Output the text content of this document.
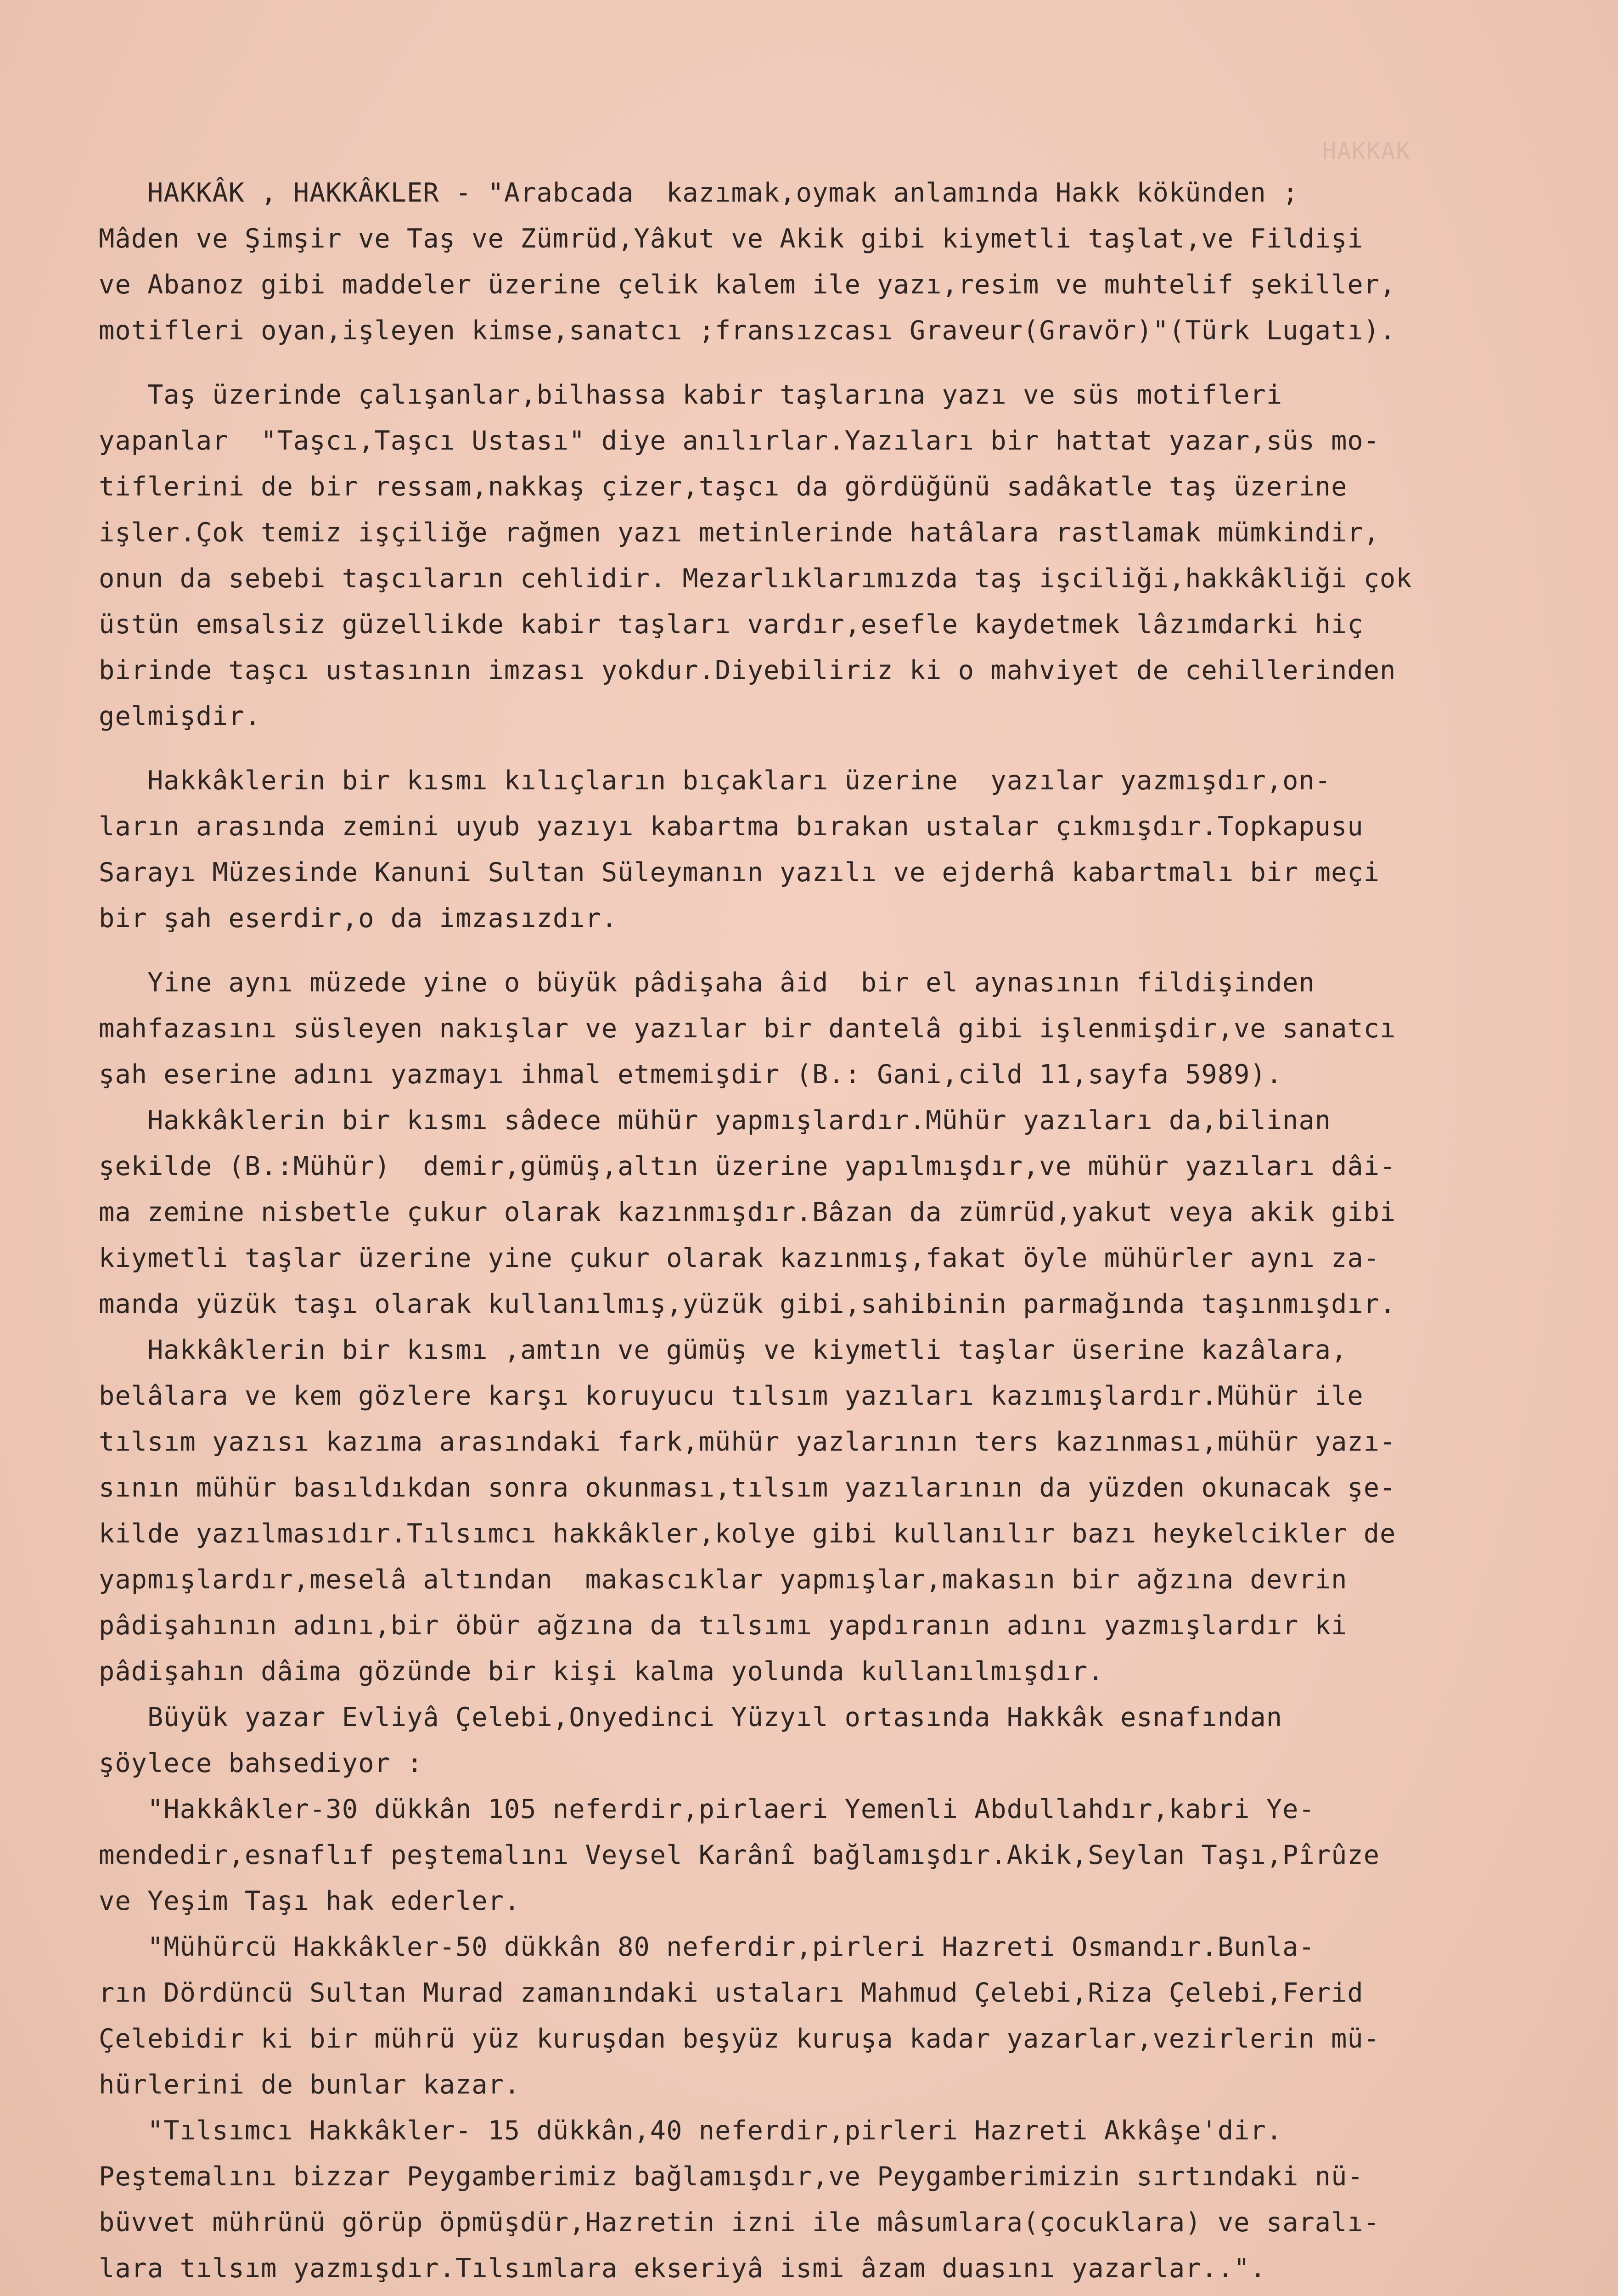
HAKKAK
HAKKÂK , HAKKÂKLER - "Arabcada  kazımak,oymak anlamında Hakk kökünden ;
Mâden ve Şimşir ve Taş ve Zümrüd,Yâkut ve Akik gibi kiymetli taşlat,ve Fildişi
ve Abanoz gibi maddeler üzerine çelik kalem ile yazı,resim ve muhtelif şekiller,
motifleri oyan,işleyen kimse,sanatcı ;fransızcası Graveur(Gravör)"(Türk Lugatı).
Taş üzerinde çalışanlar,bilhassa kabir taşlarına yazı ve süs motifleri
yapanlar  "Taşcı,Taşcı Ustası" diye anılırlar.Yazıları bir hattat yazar,süs mo-
tiflerini de bir ressam,nakkaş çizer,taşcı da gördüğünü sadâkatle taş üzerine
işler.Çok temiz işçiliğe rağmen yazı metinlerinde hatâlara rastlamak mümkindir,
onun da sebebi taşcıların cehlidir. Mezarlıklarımızda taş işciliği,hakkâkliği çok
üstün emsalsiz güzellikde kabir taşları vardır,esefle kaydetmek lâzımdarki hiç
birinde taşcı ustasının imzası yokdur.Diyebiliriz ki o mahviyet de cehillerinden
gelmişdir.
Hakkâklerin bir kısmı kılıçların bıçakları üzerine  yazılar yazmışdır,on-
ların arasında zemini uyub yazıyı kabartma bırakan ustalar çıkmışdır.Topkapusu
Sarayı Müzesinde Kanuni Sultan Süleymanın yazılı ve ejderhâ kabartmalı bir meçi
bir şah eserdir,o da imzasızdır.
Yine aynı müzede yine o büyük pâdişaha âid  bir el aynasının fildişinden
mahfazasını süsleyen nakışlar ve yazılar bir dantelâ gibi işlenmişdir,ve sanatcı
şah eserine adını yazmayı ihmal etmemişdir (B.: Gani,cild 11,sayfa 5989).
Hakkâklerin bir kısmı sâdece mühür yapmışlardır.Mühür yazıları da,bilinan
şekilde (B.:Mühür)  demir,gümüş,altın üzerine yapılmışdır,ve mühür yazıları dâi-
ma zemine nisbetle çukur olarak kazınmışdır.Bâzan da zümrüd,yakut veya akik gibi
kiymetli taşlar üzerine yine çukur olarak kazınmış,fakat öyle mühürler aynı za-
manda yüzük taşı olarak kullanılmış,yüzük gibi,sahibinin parmağında taşınmışdır.
Hakkâklerin bir kısmı ,amtın ve gümüş ve kiymetli taşlar üserine kazâlara,
belâlara ve kem gözlere karşı koruyucu tılsım yazıları kazımışlardır.Mühür ile
tılsım yazısı kazıma arasındaki fark,mühür yazlarının ters kazınması,mühür yazı-
sının mühür basıldıkdan sonra okunması,tılsım yazılarının da yüzden okunacak şe-
kilde yazılmasıdır.Tılsımcı hakkâkler,kolye gibi kullanılır bazı heykelcikler de
yapmışlardır,meselâ altından  makascıklar yapmışlar,makasın bir ağzına devrin
pâdişahının adını,bir öbür ağzına da tılsımı yapdıranın adını yazmışlardır ki
pâdişahın dâima gözünde bir kişi kalma yolunda kullanılmışdır.
Büyük yazar Evliyâ Çelebi,Onyedinci Yüzyıl ortasında Hakkâk esnafından
şöylece bahsediyor :
"Hakkâkler-30 dükkân 105 neferdir,pirlaeri Yemenli Abdullahdır,kabri Ye-
mendedir,esnaflıf peştemalını Veysel Karânî bağlamışdır.Akik,Seylan Taşı,Pîrûze
ve Yeşim Taşı hak ederler.
"Mühürcü Hakkâkler-50 dükkân 80 neferdir,pirleri Hazreti Osmandır.Bunla-
rın Dördüncü Sultan Murad zamanındaki ustaları Mahmud Çelebi,Riza Çelebi,Ferid
Çelebidir ki bir mührü yüz kuruşdan beşyüz kuruşa kadar yazarlar,vezirlerin mü-
hürlerini de bunlar kazar.
"Tılsımcı Hakkâkler- 15 dükkân,40 neferdir,pirleri Hazreti Akkâşe'dir.
Peştemalını bizzar Peygamberimiz bağlamışdır,ve Peygamberimizin sırtındaki nü-
büvvet mührünü görüp öpmüşdür,Hazretin izni ile mâsumlara(çocuklara) ve saralı-
lara tılsım yazmışdır.Tılsımlara ekseriyâ ismi âzam duasını yazarlar..".
